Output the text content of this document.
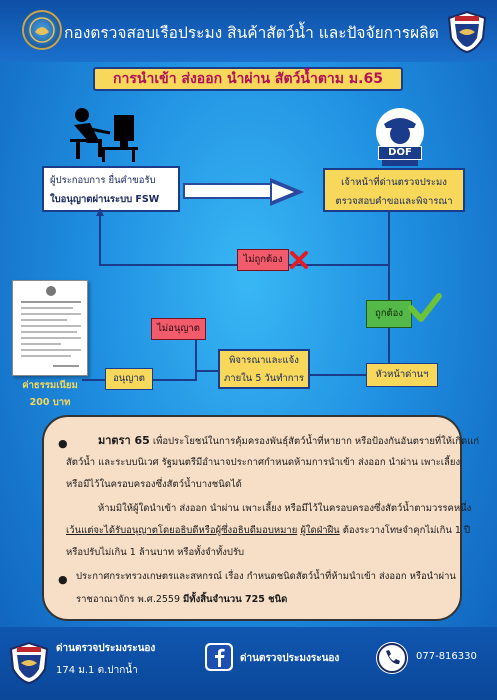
กองตรวจสอบเรือประมง สินค้าสัตว์น้ำ และปัจจัยการผลิต
การนำเข้า ส่งออก นำผ่าน สัตว์น้ำตาม ม.65
DOF
ผู้ประกอบการ ยื่นคำขอรับ
ใบอนุญาตผ่านระบบ FSW
เจ้าหน้าที่ด่านตรวจประมง
ตรวจสอบคำขอและพิจารณา
ไม่ถูกต้อง
ถูกต้อง
หัวหน้าด่านฯ
พิจารณาและแจ้ง
ภายใน 5 วันทำการ
ไม่อนุญาต
อนุญาต
ค่าธรรมเนียม
200 บาท
●	มาตรา 65 เพื่อประโยชน์ในการคุ้มครองพันธุ์สัตว์น้ำที่หายาก หรือป้องกันอันตรายที่ให้เกิดแก่
สัตว์น้ำ และระบบนิเวศ รัฐมนตรีมีอำนาจประกาศกำหนดห้ามการนำเข้า ส่งออก นำผ่าน เพาะเลี้ยง
หรือมีไว้ในครอบครองซึ่งสัตว์น้ำบางชนิดได้
ห้ามมิให้ผู้ใดนำเข้า ส่งออก นำผ่าน เพาะเลี้ยง หรือมีไว้ในครอบครองซึ่งสัตว์น้ำตามวรรคหนึ่ง
เว้นแต่จะได้รับอนุญาตโดยอธิบดีหรือผู้ซึ่งอธิบดีมอบหมาย ผู้ใดฝ่าฝืน ต้องระวางโทษจำคุกไม่เกิน 1 ปี
หรือปรับไม่เกิน 1 ล้านบาท หรือทั้งจำทั้งปรับ
● ประกาศกระทรวงเกษตรและสหกรณ์ เรื่อง กำหนดชนิดสัตว์น้ำที่ห้ามนำเข้า ส่งออก หรือนำผ่าน
ราชอาณาจักร พ.ศ.2559 มีทั้งสิ้นจำนวน 725 ชนิด
ด่านตรวจประมงระนอง
174 ม.1 ต.ปากน้ำ
ด่านตรวจประมงระนอง	077-816330
